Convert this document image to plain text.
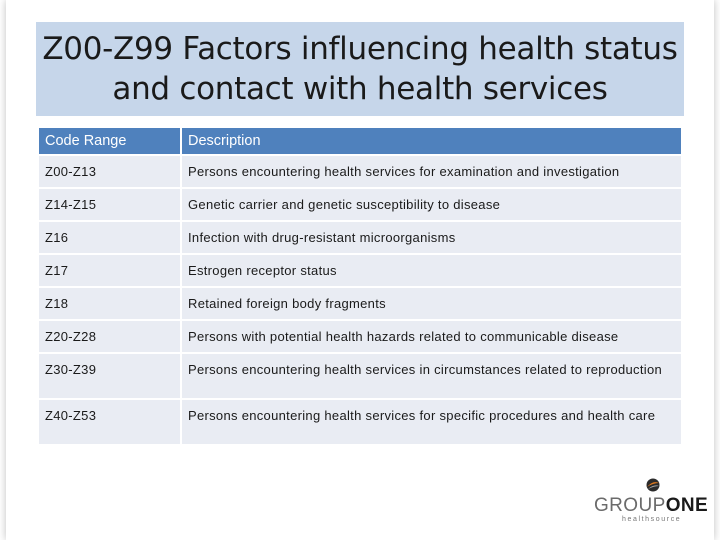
Z00-Z99 Factors influencing health status and contact with health services
Code Range	Description
Z00-Z13	Persons encountering health services for examination and investigation
Z14-Z15	Genetic carrier and genetic susceptibility to disease
Z16	Infection with drug-resistant microorganisms
Z17	Estrogen receptor status
Z18	Retained foreign body fragments
Z20-Z28	Persons with potential health hazards related to communicable disease
Z30-Z39	Persons encountering health services in circumstances related to reproduction
Z40-Z53	Persons encountering health services for specific procedures and health care
GROUPONE
healthsource
